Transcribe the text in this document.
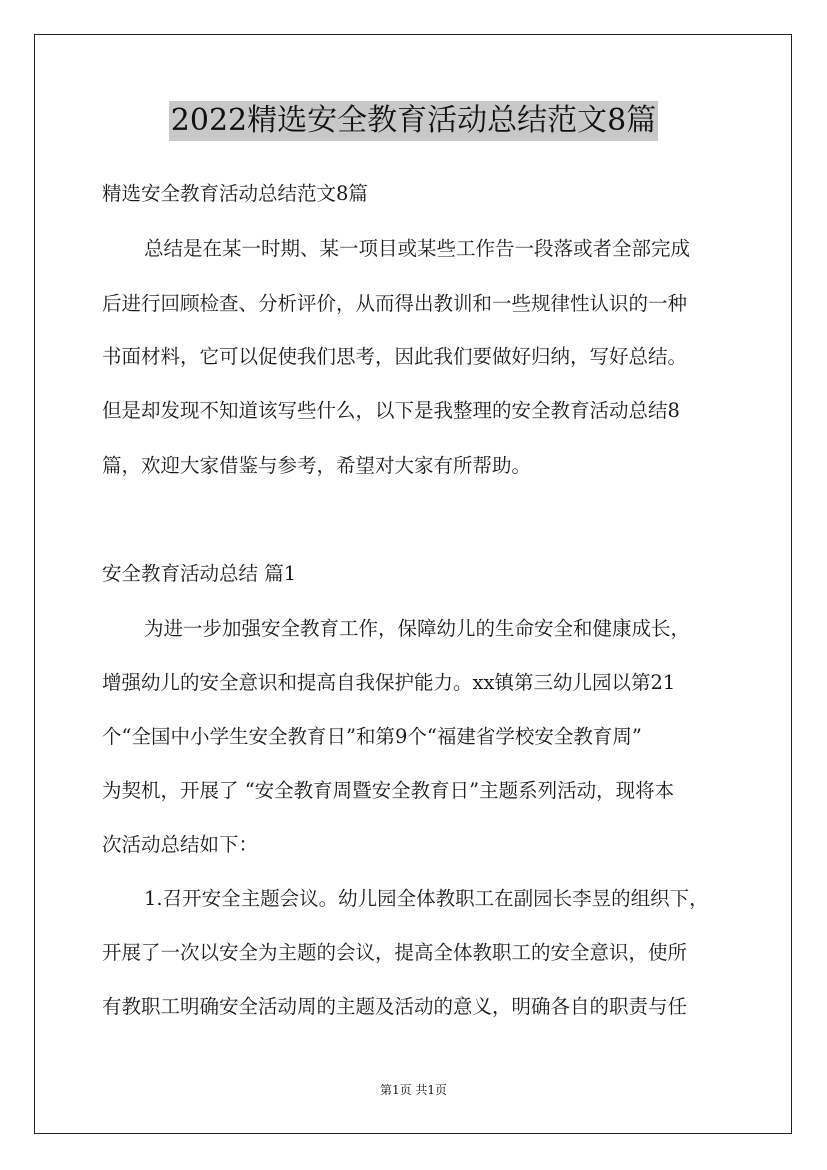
2022精选安全教育活动总结范文8篇
精选安全教育活动总结范文8篇
总结是在某一时期、某一项目或某些工作告一段落或者全部完成
后进行回顾检查、分析评价，从而得出教训和一些规律性认识的一种
书面材料，它可以促使我们思考，因此我们要做好归纳，写好总结。
但是却发现不知道该写些什么，以下是我整理的安全教育活动总结8
篇，欢迎大家借鉴与参考，希望对大家有所帮助。
安全教育活动总结 篇1
为进一步加强安全教育工作，保障幼儿的生命安全和健康成长，
增强幼儿的安全意识和提高自我保护能力。xx镇第三幼儿园以第21
个“全国中小学生安全教育日”和第9个“福建省学校安全教育周”
为契机，开展了 “安全教育周暨安全教育日”主题系列活动，现将本
次活动总结如下：
1.召开安全主题会议。幼儿园全体教职工在副园长李昱的组织下，
开展了一次以安全为主题的会议，提高全体教职工的安全意识，使所
有教职工明确安全活动周的主题及活动的意义，明确各自的职责与任
第1页 共1页
